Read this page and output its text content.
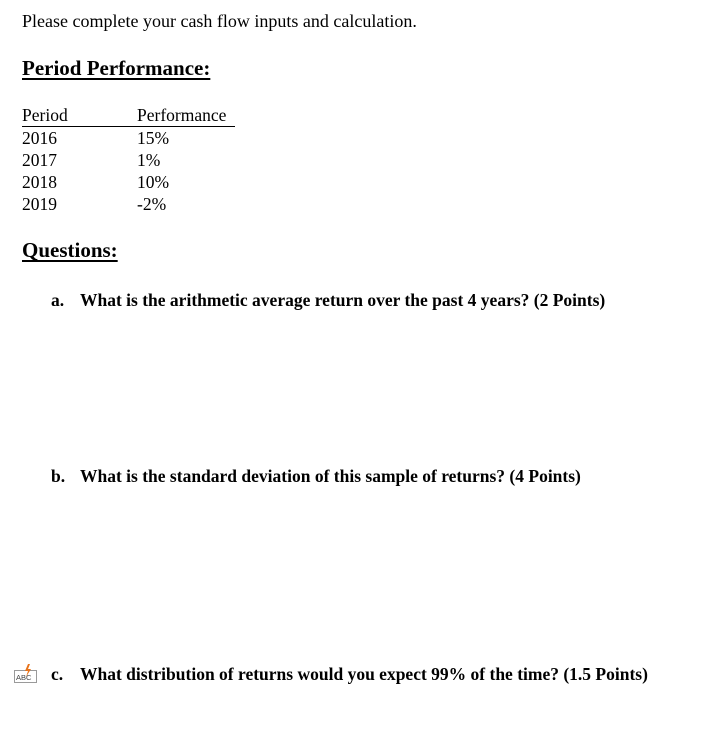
Please complete your cash flow inputs and calculation.
Period Performance:
Period	Performance
2016	15%
2017	1%
2018	10%
2019	-2%
Questions:
a. What is the arithmetic average return over the past 4 years? (2 Points)
b. What is the standard deviation of this sample of returns? (4 Points)
ABC c. What distribution of returns would you expect 99% of the time? (1.5 Points)
